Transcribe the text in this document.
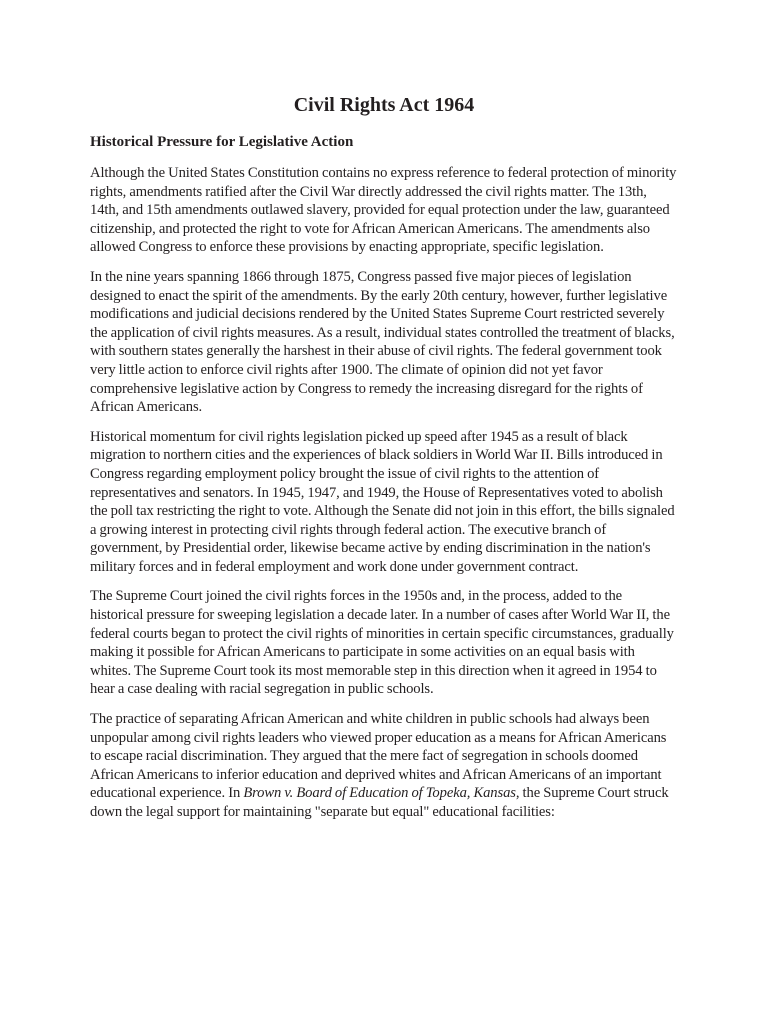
Civil Rights Act 1964
Historical Pressure for Legislative Action

Although the United States Constitution contains no express reference to federal protection of minority rights, amendments ratified after the Civil War directly addressed the civil rights matter. The 13th, 14th, and 15th amendments outlawed slavery, provided for equal protection under the law, guaranteed citizenship, and protected the right to vote for African American Americans. The amendments also allowed Congress to enforce these provisions by enacting appropriate, specific legislation.

In the nine years spanning 1866 through 1875, Congress passed five major pieces of legislation designed to enact the spirit of the amendments. By the early 20th century, however, further legislative modifications and judicial decisions rendered by the United States Supreme Court restricted severely the application of civil rights measures. As a result, individual states controlled the treatment of blacks, with southern states generally the harshest in their abuse of civil rights. The federal government took very little action to enforce civil rights after 1900. The climate of opinion did not yet favor comprehensive legislative action by Congress to remedy the increasing disregard for the rights of African Americans.

Historical momentum for civil rights legislation picked up speed after 1945 as a result of black migration to northern cities and the experiences of black soldiers in World War II. Bills introduced in Congress regarding employment policy brought the issue of civil rights to the attention of representatives and senators. In 1945, 1947, and 1949, the House of Representatives voted to abolish the poll tax restricting the right to vote. Although the Senate did not join in this effort, the bills signaled a growing interest in protecting civil rights through federal action. The executive branch of government, by Presidential order, likewise became active by ending discrimination in the nation's military forces and in federal employment and work done under government contract.

The Supreme Court joined the civil rights forces in the 1950s and, in the process, added to the historical pressure for sweeping legislation a decade later. In a number of cases after World War II, the federal courts began to protect the civil rights of minorities in certain specific circumstances, gradually making it possible for African Americans to participate in some activities on an equal basis with whites. The Supreme Court took its most memorable step in this direction when it agreed in 1954 to hear a case dealing with racial segregation in public schools.

The practice of separating African American and white children in public schools had always been unpopular among civil rights leaders who viewed proper education as a means for African Americans to escape racial discrimination. They argued that the mere fact of segregation in schools doomed African Americans to inferior education and deprived whites and African Americans of an important educational experience. In Brown v. Board of Education of Topeka, Kansas, the Supreme Court struck down the legal support for maintaining "separate but equal" educational facilities:
